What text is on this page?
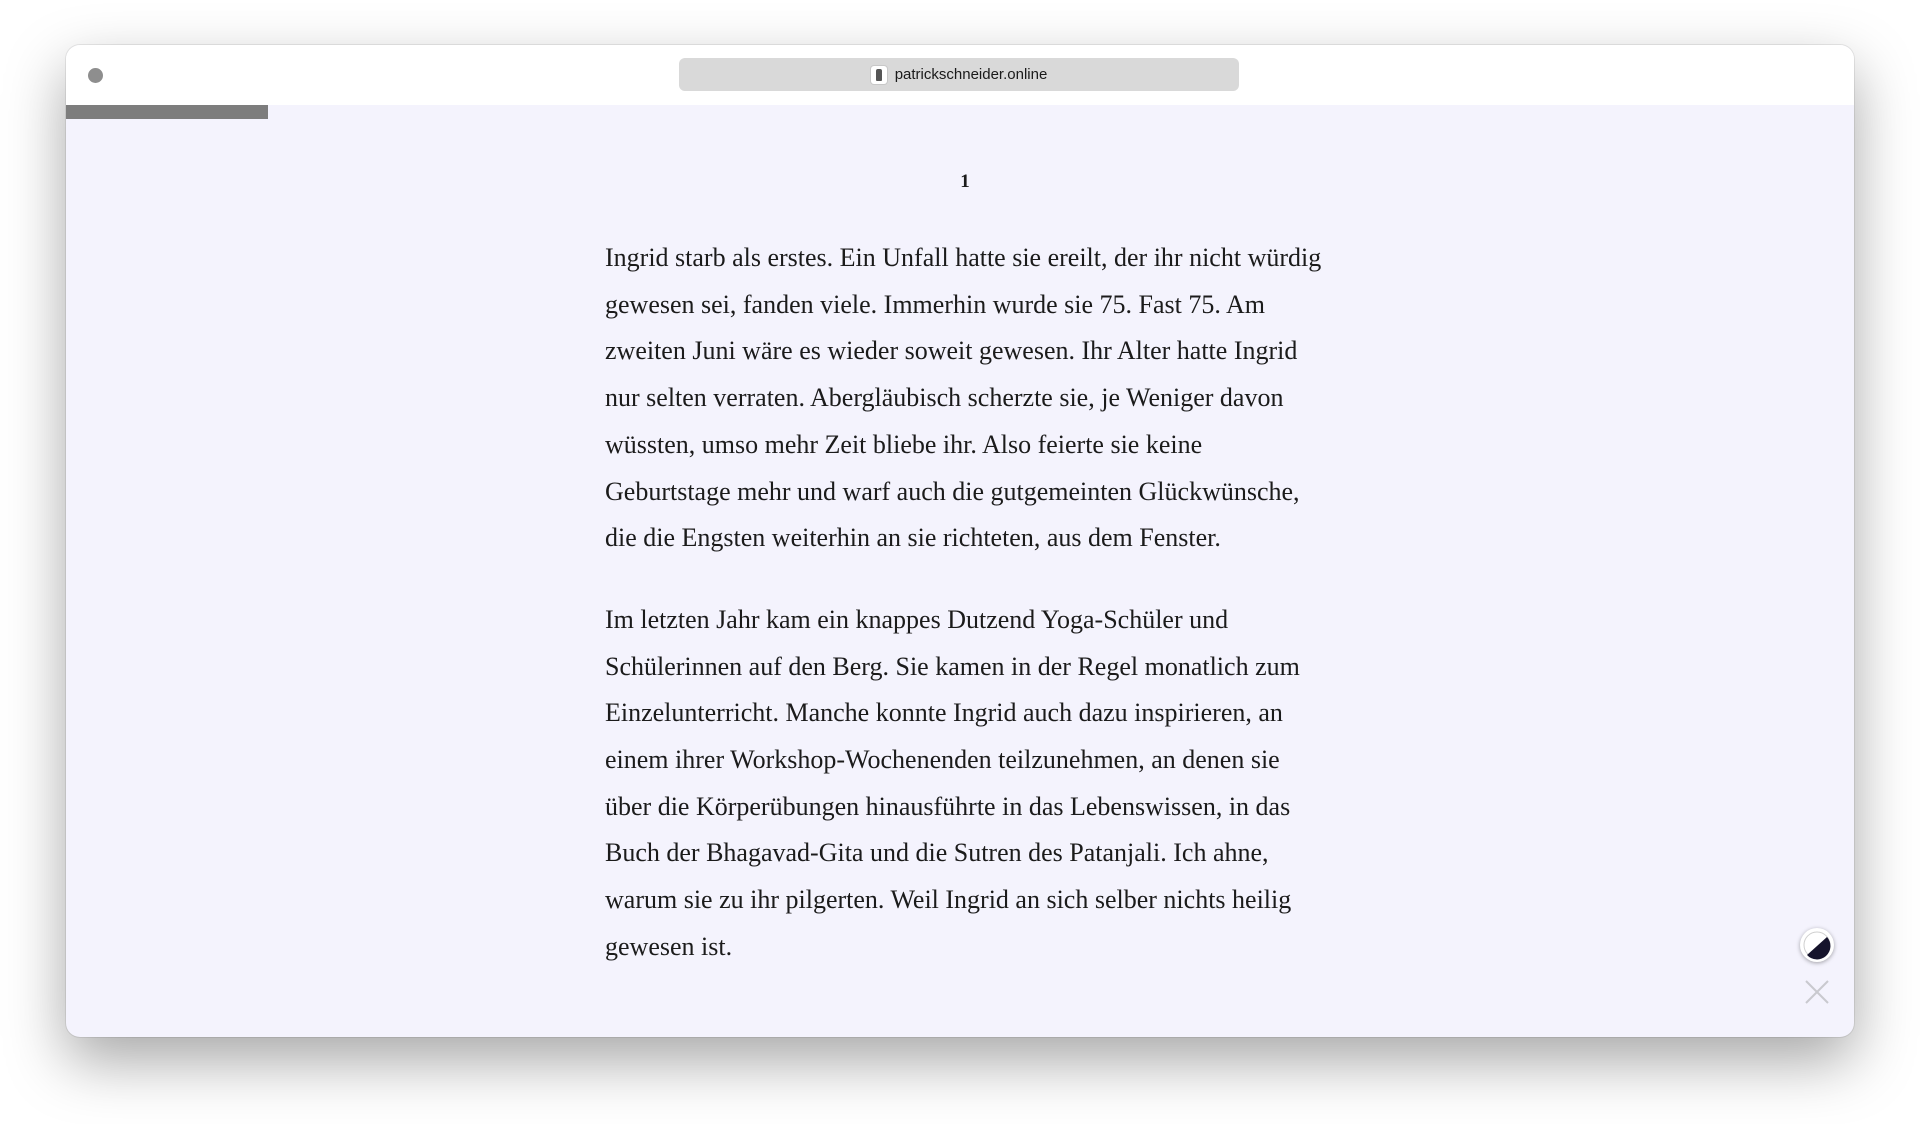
patrickschneider.online
1

Ingrid starb als erstes. Ein Unfall hatte sie ereilt, der ihr nicht würdig gewesen sei, fanden viele. Immerhin wurde sie 75. Fast 75. Am zweiten Juni wäre es wieder soweit gewesen. Ihr Alter hatte Ingrid nur selten verraten. Abergläubisch scherzte sie, je Weniger davon wüssten, umso mehr Zeit bliebe ihr. Also feierte sie keine Geburtstage mehr und warf auch die gutgemeinten Glückwünsche, die die Engsten weiterhin an sie richteten, aus dem Fenster.

Im letzten Jahr kam ein knappes Dutzend Yoga-Schüler und Schülerinnen auf den Berg. Sie kamen in der Regel monatlich zum Einzelunterricht. Manche konnte Ingrid auch dazu inspirieren, an einem ihrer Workshop-Wochenenden teilzunehmen, an denen sie über die Körperübungen hinausführte in das Lebenswissen, in das Buch der Bhagavad-Gita und die Sutren des Patanjali. Ich ahne, warum sie zu ihr pilgerten. Weil Ingrid an sich selber nichts heilig gewesen ist.
